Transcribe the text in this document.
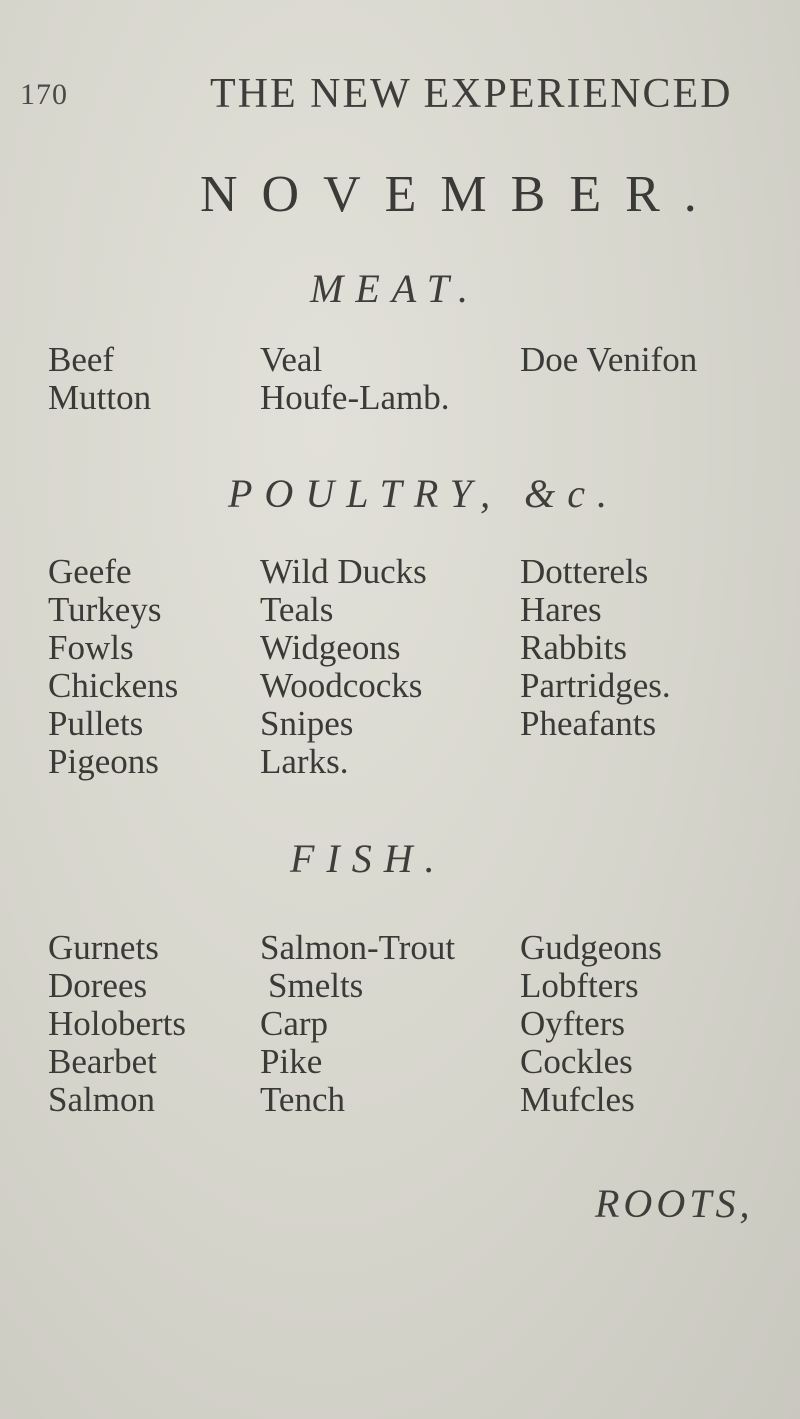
170	THE NEW EXPERIENCED
NOVEMBER.
MEAT.
Beef
Mutton
Veal
Houfe-Lamb.
Doe Venifon
POULTRY, &c.
Geefe
Turkeys
Fowls
Chickens
Pullets
Pigeons
Wild Ducks
Teals
Widgeons
Woodcocks
Snipes
Larks.
Dotterels
Hares
Rabbits
Partridges.
Pheafants
FISH.
Gurnets
Dorees
Holoberts
Bearbet
Salmon
Salmon-Trout
Smelts
Carp
Pike
Tench
Gudgeons
Lobfters
Oyfters
Cockles
Mufcles
ROOTS,
